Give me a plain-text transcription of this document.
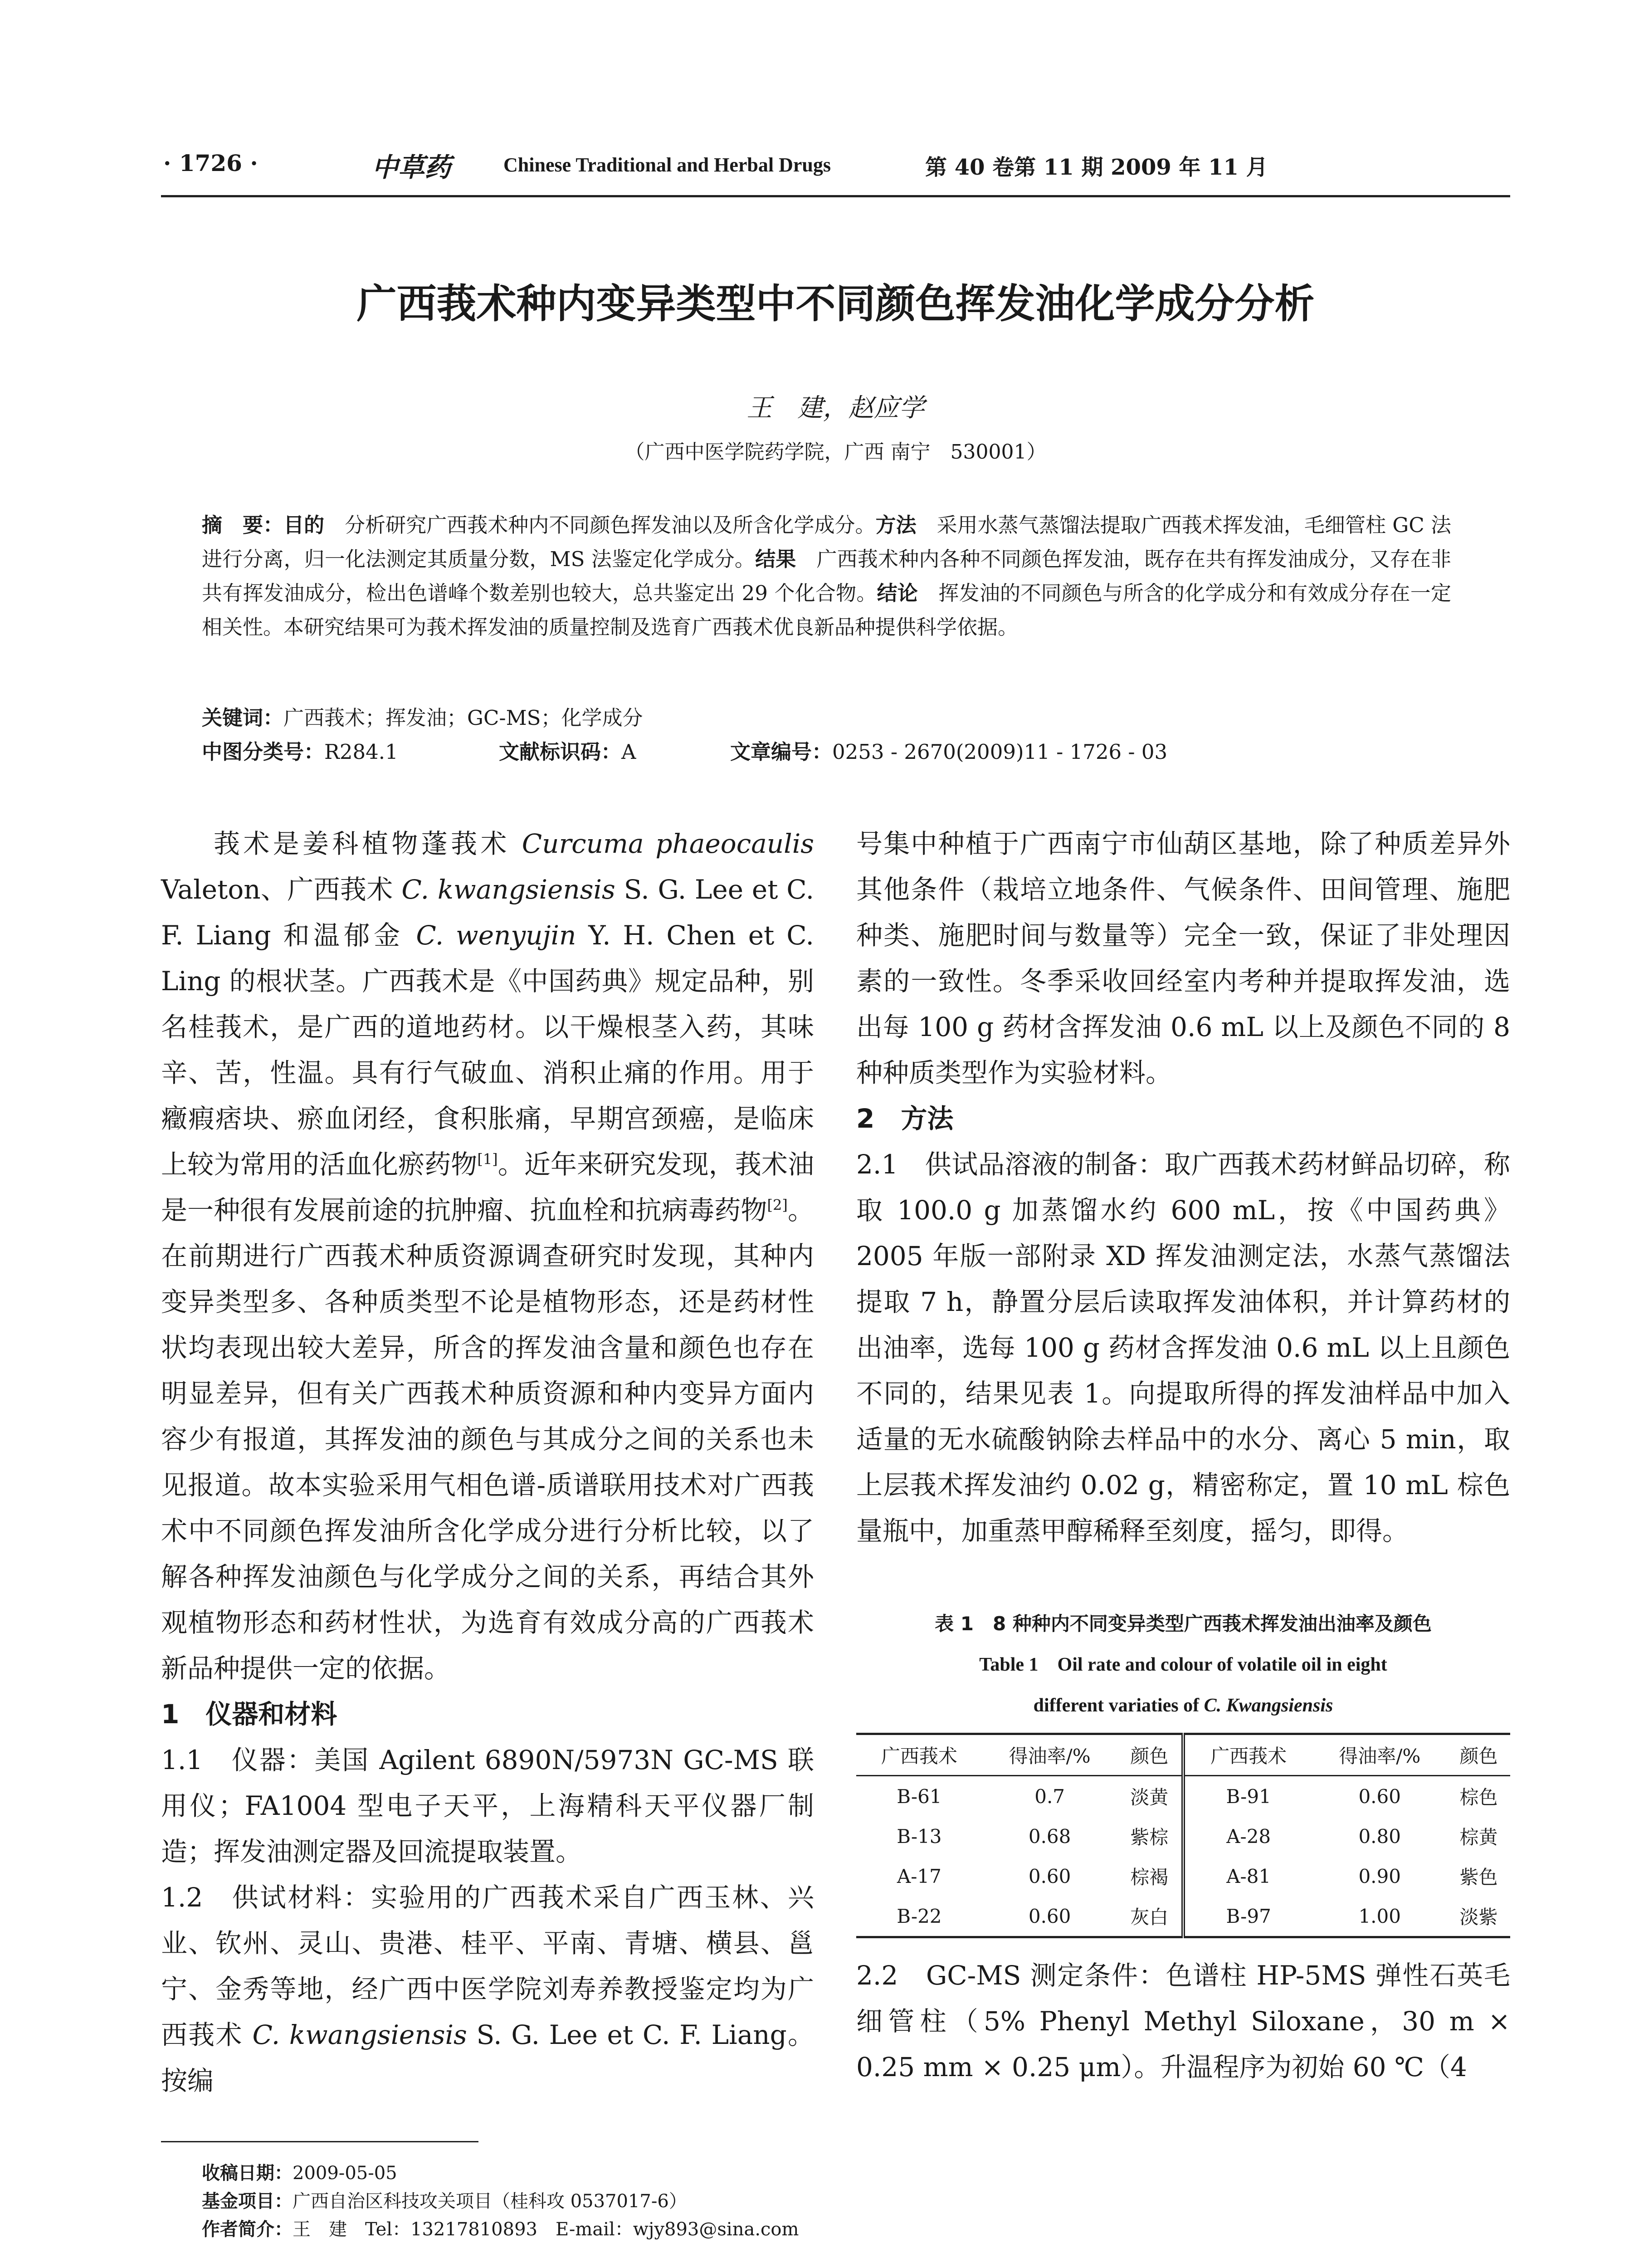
· 1726 ·	中草药	Chinese Traditional and Herbal Drugs	第 40 卷第 11 期 2009 年 11 月
广西莪术种内变异类型中不同颜色挥发油化学成分分析
王　建，赵应学
（广西中医学院药学院，广西 南宁　530001）
摘　要：目的　分析研究广西莪术种内不同颜色挥发油以及所含化学成分。方法　采用水蒸气蒸馏法提取广西莪术挥发油，毛细管柱 GC 法进行分离，归一化法测定其质量分数，MS 法鉴定化学成分。结果　广西莪术种内各种不同颜色挥发油，既存在共有挥发油成分，又存在非共有挥发油成分，检出色谱峰个数差别也较大，总共鉴定出 29 个化合物。结论　挥发油的不同颜色与所含的化学成分和有效成分存在一定相关性。本研究结果可为莪术挥发油的质量控制及选育广西莪术优良新品种提供科学依据。
关键词：广西莪术；挥发油；GC-MS；化学成分
中图分类号：R284.1	文献标识码：A	文章编号：0253 - 2670(2009)11 - 1726 - 03

莪术是姜科植物蓬莪术 Curcuma phaeocaulis Valeton、广西莪术 C. kwangsiensis S. G. Lee et C. F. Liang 和温郁金 C. wenyujin Y. H. Chen et C. Ling 的根状茎。广西莪术是《中国药典》规定品种，别名桂莪术，是广西的道地药材。以干燥根茎入药，其味辛、苦，性温。具有行气破血、消积止痛的作用。用于癥瘕痞块、瘀血闭经，食积胀痛，早期宫颈癌，是临床上较为常用的活血化瘀药物[1]。近年来研究发现，莪术油是一种很有发展前途的抗肿瘤、抗血栓和抗病毒药物[2]。在前期进行广西莪术种质资源调查研究时发现，其种内变异类型多、各种质类型不论是植物形态，还是药材性状均表现出较大差异，所含的挥发油含量和颜色也存在明显差异，但有关广西莪术种质资源和种内变异方面内容少有报道，其挥发油的颜色与其成分之间的关系也未见报道。故本实验采用气相色谱-质谱联用技术对广西莪术中不同颜色挥发油所含化学成分进行分析比较，以了解各种挥发油颜色与化学成分之间的关系，再结合其外观植物形态和药材性状，为选育有效成分高的广西莪术新品种提供一定的依据。

1　仪器和材料

1.1　仪器：美国 Agilent 6890N/5973N GC-MS 联用仪；FA1004 型电子天平，上海精科天平仪器厂制造；挥发油测定器及回流提取装置。

1.2　供试材料：实验用的广西莪术采自广西玉林、兴业、钦州、灵山、贵港、桂平、平南、青塘、横县、邕宁、金秀等地，经广西中医学院刘寿养教授鉴定均为广西莪术 C. kwangsiensis S. G. Lee et C. F. Liang。按编

号集中种植于广西南宁市仙葫区基地，除了种质差异外其他条件（栽培立地条件、气候条件、田间管理、施肥种类、施肥时间与数量等）完全一致，保证了非处理因素的一致性。冬季采收回经室内考种并提取挥发油，选出每 100 g 药材含挥发油 0.6 mL 以上及颜色不同的 8 种种质类型作为实验材料。

2　方法

2.1　供试品溶液的制备：取广西莪术药材鲜品切碎，称取 100.0 g 加蒸馏水约 600 mL，按《中国药典》2005 年版一部附录 XD 挥发油测定法，水蒸气蒸馏法提取 7 h，静置分层后读取挥发油体积，并计算药材的出油率，选每 100 g 药材含挥发油 0.6 mL 以上且颜色不同的，结果见表 1。向提取所得的挥发油样品中加入适量的无水硫酸钠除去样品中的水分、离心 5 min，取上层莪术挥发油约 0.02 g，精密称定，置 10 mL 棕色量瓶中，加重蒸甲醇稀释至刻度，摇匀，即得。

表 1　8 种种内不同变异类型广西莪术挥发油出油率及颜色
Table 1　Oil rate and colour of volatile oil in eight
different variaties of C. Kwangsiensis
广西莪术	得油率/%	颜色	广西莪术	得油率/%	颜色
B-61	0.7	淡黄	B-91	0.60	棕色
B-13	0.68	紫棕	A-28	0.80	棕黄
A-17	0.60	棕褐	A-81	0.90	紫色
B-22	0.60	灰白	B-97	1.00	淡紫

2.2　GC-MS 测定条件：色谱柱 HP-5MS 弹性石英毛细管柱（5% Phenyl Methyl Siloxane，30 m × 0.25 mm × 0.25 μm）。升温程序为初始 60 ℃（4

收稿日期：2009-05-05
基金项目：广西自治区科技攻关项目（桂科攻 0537017-6）
作者简介：王　建　Tel：13217810893　E-mail：wjy893@sina.com
